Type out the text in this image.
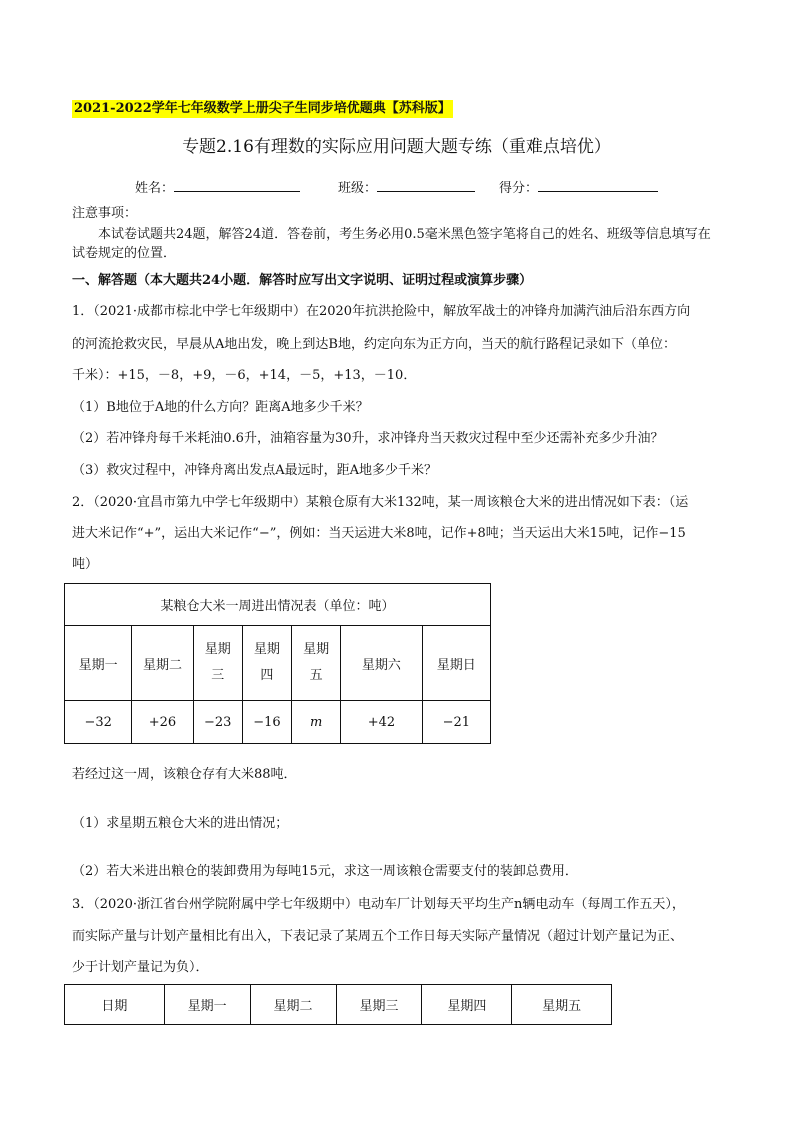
2021-2022学年七年级数学上册尖子生同步培优题典【苏科版】
专题2.16有理数的实际应用问题大题专练（重难点培优）
姓名：	班级：	得分：
注意事项：
本试卷试题共24题，解答24道．答卷前，考生务必用0.5毫米黑色签字笔将自己的姓名、班级等信息填写在试卷规定的位置．
一、解答题（本大题共24小题．解答时应写出文字说明、证明过程或演算步骤）
1．（2021·成都市棕北中学七年级期中）在2020年抗洪抢险中，解放军战士的冲锋舟加满汽油后沿东西方向
的河流抢救灾民，早晨从A地出发，晚上到达B地，约定向东为正方向，当天的航行路程记录如下（单位：
千米）：+15，－8，+9，－6，+14，－5，+13，－10．
（1）B地位于A地的什么方向？距离A地多少千米？
（2）若冲锋舟每千米耗油0.6升，油箱容量为30升，求冲锋舟当天救灾过程中至少还需补充多少升油？
（3）救灾过程中，冲锋舟离出发点A最远时，距A地多少千米？
2．（2020·宜昌市第九中学七年级期中）某粮仓原有大米132吨，某一周该粮仓大米的进出情况如下表：（运
进大米记作“+”，运出大米记作“−”，例如：当天运进大米8吨，记作+8吨；当天运出大米15吨，记作−15
吨）
某粮仓大米一周进出情况表（单位：吨）						
星期一	星期二	星期三	星期四	星期五	星期六	星期日
−32	+26	−23	−16	m	+42	−21
若经过这一周，该粮仓存有大米88吨．
（1）求星期五粮仓大米的进出情况；
（2）若大米进出粮仓的装卸费用为每吨15元，求这一周该粮仓需要支付的装卸总费用．
3．（2020·浙江省台州学院附属中学七年级期中）电动车厂计划每天平均生产n辆电动车（每周工作五天），
而实际产量与计划产量相比有出入，下表记录了某周五个工作日每天实际产量情况（超过计划产量记为正、
少于计划产量记为负）．
日期	星期一	星期二	星期三	星期四	星期五
